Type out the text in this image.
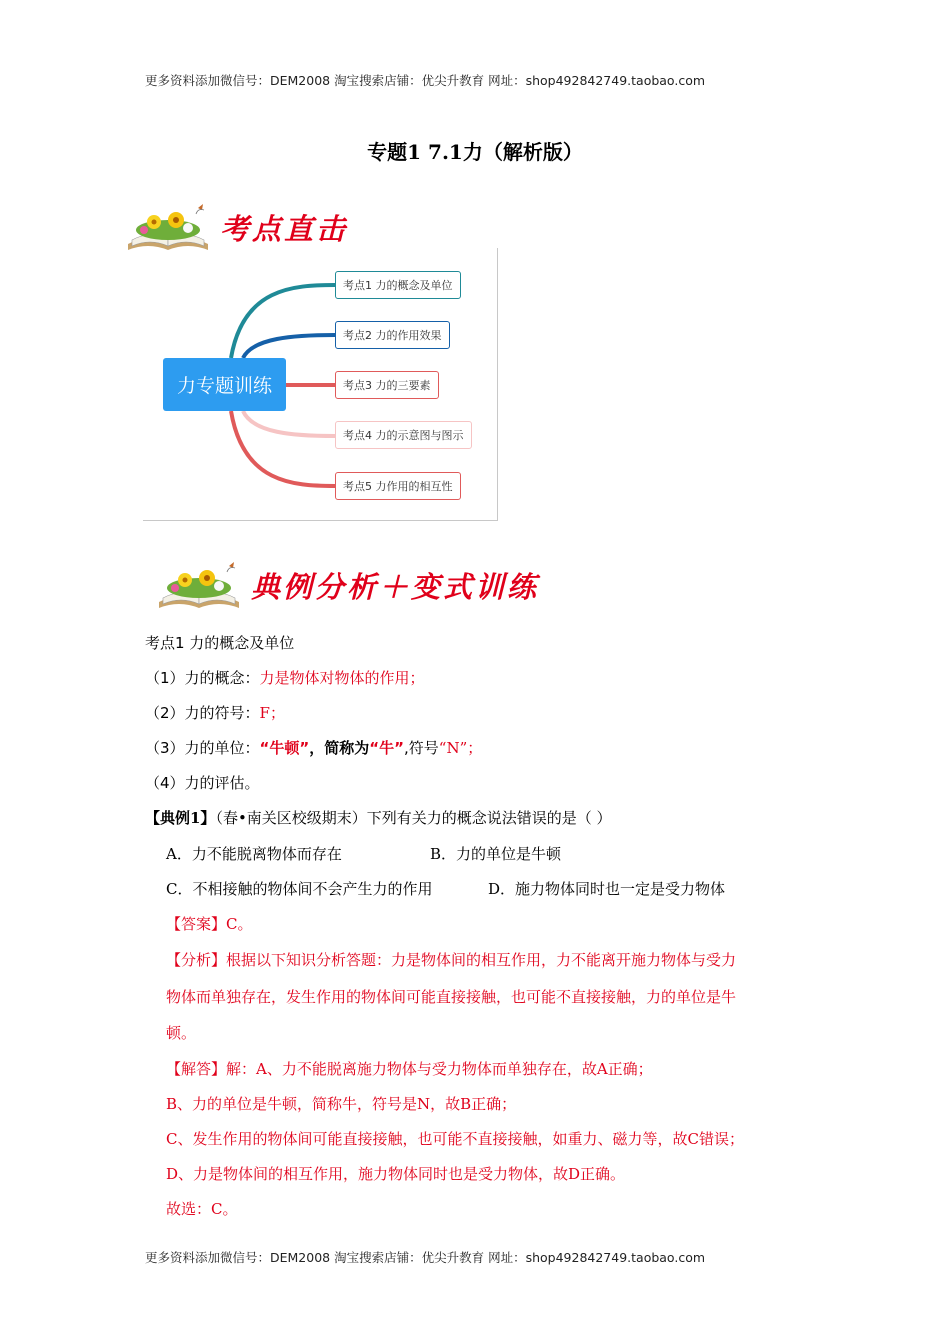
更多资料添加微信号：DEM2008 淘宝搜索店铺：优尖升教育 网址：shop492842749.taobao.com
专题1 7.1力（解析版）
考点直击
力专题训练
考点1 力的概念及单位
考点2 力的作用效果
考点3 力的三要素
考点4 力的示意图与图示
考点5 力作用的相互性
典例分析＋变式训练
考点1 力的概念及单位
（1）力的概念：力是物体对物体的作用；
（2）力的符号：F；
（3）力的单位：“牛顿”，简称为“牛”,符号“N”；
（4）力的评估。
【典例1】（春•南关区校级期末）下列有关力的概念说法错误的是（ ）
A．力不能脱离物体而存在	B．力的单位是牛顿
C．不相接触的物体间不会产生力的作用	D．施力物体同时也一定是受力物体
【答案】C。
【分析】根据以下知识分析答题：力是物体间的相互作用，力不能离开施力物体与受力
物体而单独存在，发生作用的物体间可能直接接触，也可能不直接接触，力的单位是牛
顿。
【解答】解：A、力不能脱离施力物体与受力物体而单独存在，故A正确；
B、力的单位是牛顿，简称牛，符号是N，故B正确；
C、发生作用的物体间可能直接接触，也可能不直接接触，如重力、磁力等，故C错误；
D、力是物体间的相互作用，施力物体同时也是受力物体，故D正确。
故选：C。
更多资料添加微信号：DEM2008 淘宝搜索店铺：优尖升教育 网址：shop492842749.taobao.com
